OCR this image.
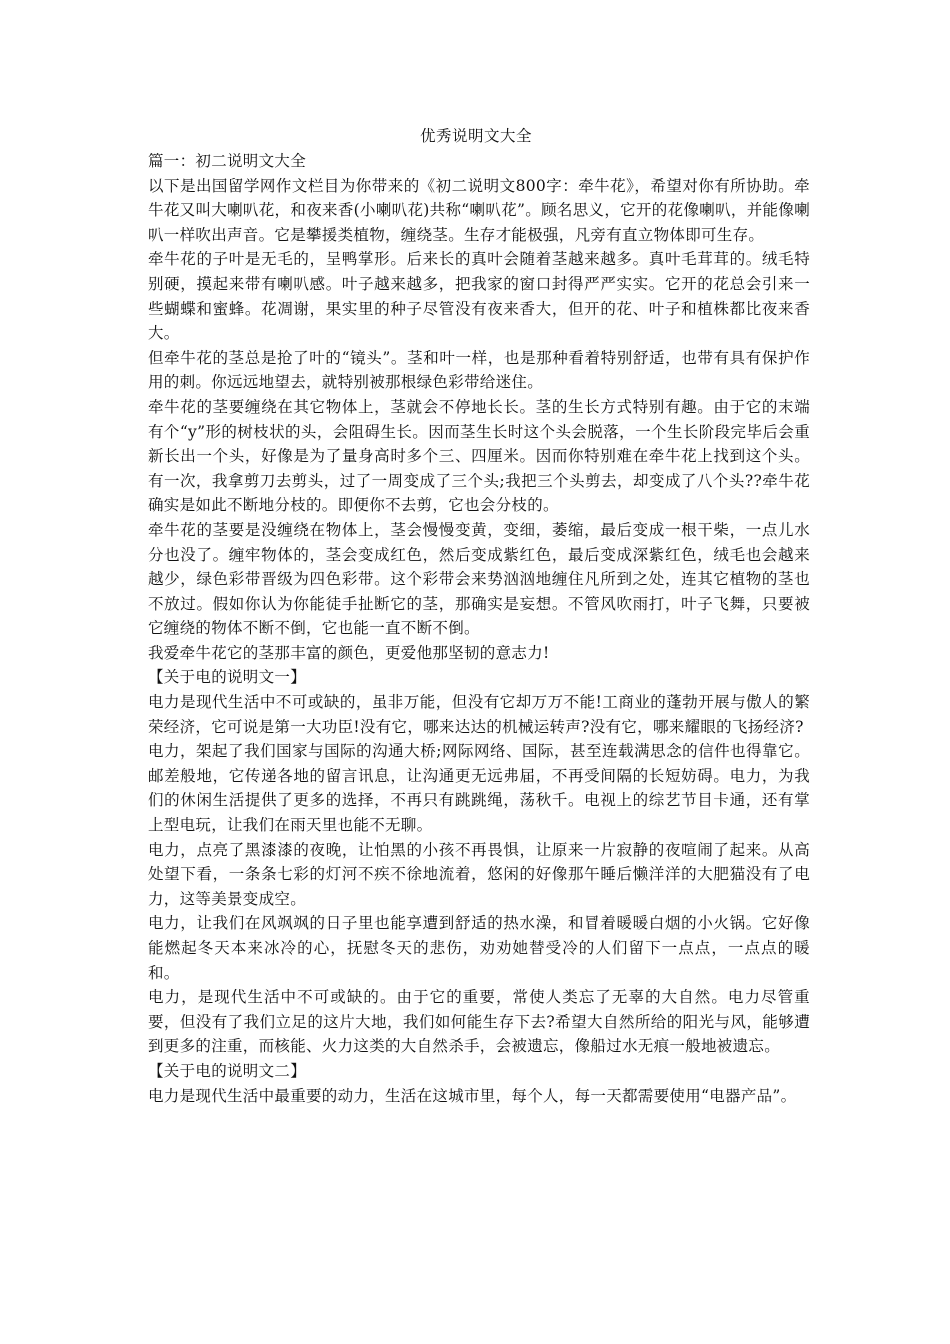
优秀说明文大全

篇一：初二说明文大全

以下是出国留学网作文栏目为你带来的《初二说明文800字：牵牛花》，希望对你有所协助。牵牛花又叫大喇叭花，和夜来香(小喇叭花)共称“喇叭花”。顾名思义，它开的花像喇叭，并能像喇叭一样吹出声音。它是攀援类植物，缠绕茎。生存才能极强，凡旁有直立物体即可生存。

牵牛花的子叶是无毛的，呈鸭掌形。后来长的真叶会随着茎越来越多。真叶毛茸茸的。绒毛特别硬，摸起来带有喇叭感。叶子越来越多，把我家的窗口封得严严实实。它开的花总会引来一些蝴蝶和蜜蜂。花凋谢，果实里的种子尽管没有夜来香大，但开的花、叶子和植株都比夜来香大。

但牵牛花的茎总是抢了叶的“镜头”。茎和叶一样，也是那种看着特别舒适，也带有具有保护作用的刺。你远远地望去，就特别被那根绿色彩带给迷住。

牵牛花的茎要缠绕在其它物体上，茎就会不停地长长。茎的生长方式特别有趣。由于它的末端有个“y”形的树枝状的头，会阻碍生长。因而茎生长时这个头会脱落，一个生长阶段完毕后会重新长出一个头，好像是为了量身高时多个三、四厘米。因而你特别难在牵牛花上找到这个头。有一次，我拿剪刀去剪头，过了一周变成了三个头;我把三个头剪去，却变成了八个头??牵牛花确实是如此不断地分枝的。即便你不去剪，它也会分枝的。

牵牛花的茎要是没缠绕在物体上，茎会慢慢变黄，变细，萎缩，最后变成一根干柴，一点儿水分也没了。缠牢物体的，茎会变成红色，然后变成紫红色，最后变成深紫红色，绒毛也会越来越少，绿色彩带晋级为四色彩带。这个彩带会来势汹汹地缠住凡所到之处，连其它植物的茎也不放过。假如你认为你能徒手扯断它的茎，那确实是妄想。不管风吹雨打，叶子飞舞，只要被它缠绕的物体不断不倒，它也能一直不断不倒。

我爱牵牛花它的茎那丰富的颜色，更爱他那坚韧的意志力!

【关于电的说明文一】

电力是现代生活中不可或缺的，虽非万能，但没有它却万万不能!工商业的蓬勃开展与傲人的繁荣经济，它可说是第一大功臣!没有它，哪来达达的机械运转声?没有它，哪来耀眼的飞扬经济?

电力，架起了我们国家与国际的沟通大桥;网际网络、国际，甚至连载满思念的信件也得靠它。邮差般地，它传递各地的留言讯息，让沟通更无远弗届，不再受间隔的长短妨碍。电力，为我们的休闲生活提供了更多的选择，不再只有跳跳绳，荡秋千。电视上的综艺节目卡通，还有掌上型电玩，让我们在雨天里也能不无聊。

电力，点亮了黑漆漆的夜晚，让怕黑的小孩不再畏惧，让原来一片寂静的夜喧闹了起来。从高处望下看，一条条七彩的灯河不疾不徐地流着，悠闲的好像那午睡后懒洋洋的大肥猫没有了电力，这等美景变成空。

电力，让我们在风飒飒的日子里也能享遭到舒适的热水澡，和冒着暖暖白烟的小火锅。它好像能燃起冬天本来冰冷的心，抚慰冬天的悲伤，劝劝她替受冷的人们留下一点点，一点点的暖和。

电力，是现代生活中不可或缺的。由于它的重要，常使人类忘了无辜的大自然。电力尽管重要，但没有了我们立足的这片大地，我们如何能生存下去?希望大自然所给的阳光与风，能够遭到更多的注重，而核能、火力这类的大自然杀手，会被遗忘，像船过水无痕一般地被遗忘。

【关于电的说明文二】

电力是现代生活中最重要的动力，生活在这城市里，每个人，每一天都需要使用“电器产品”。
